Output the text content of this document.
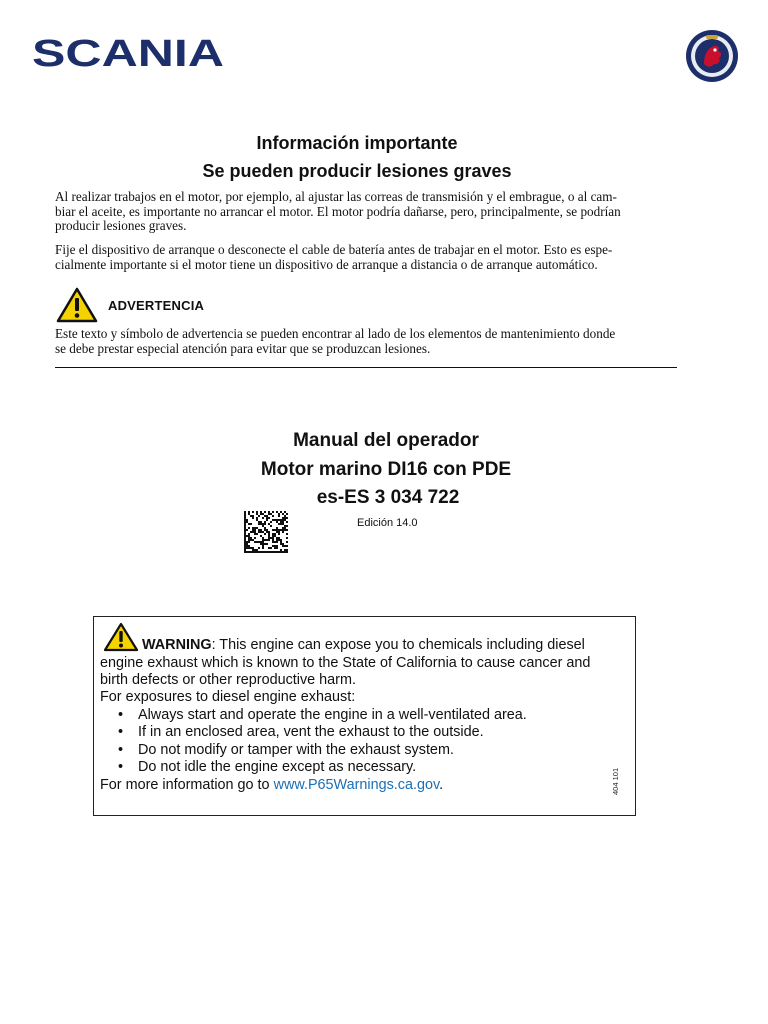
SCANIA
Información importante
Se pueden producir lesiones graves

Al realizar trabajos en el motor, por ejemplo, al ajustar las correas de transmisión y el embrague, o al cam-
biar el aceite, es importante no arrancar el motor. El motor podría dañarse, pero, principalmente, se podrían
producir lesiones graves.

Fije el dispositivo de arranque o desconecte el cable de batería antes de trabajar en el motor. Esto es espe-
cialmente importante si el motor tiene un dispositivo de arranque a distancia o de arranque automático.

ADVERTENCIA

Este texto y símbolo de advertencia se pueden encontrar al lado de los elementos de mantenimiento donde
se debe prestar especial atención para evitar que se produzcan lesiones.

Manual del operador
Motor marino DI16 con PDE
es-ES 3 034 722
Edición 14.0
WARNING: This engine can expose you to chemicals including diesel
engine exhaust which is known to the State of California to cause cancer and
birth defects or other reproductive harm.
For exposures to diesel engine exhaust:
• Always start and operate the engine in a well-ventilated area.
• If in an enclosed area, vent the exhaust to the outside.
• Do not modify or tamper with the exhaust system.
• Do not idle the engine except as necessary.
For more information go to www.P65Warnings.ca.gov.	404 101
